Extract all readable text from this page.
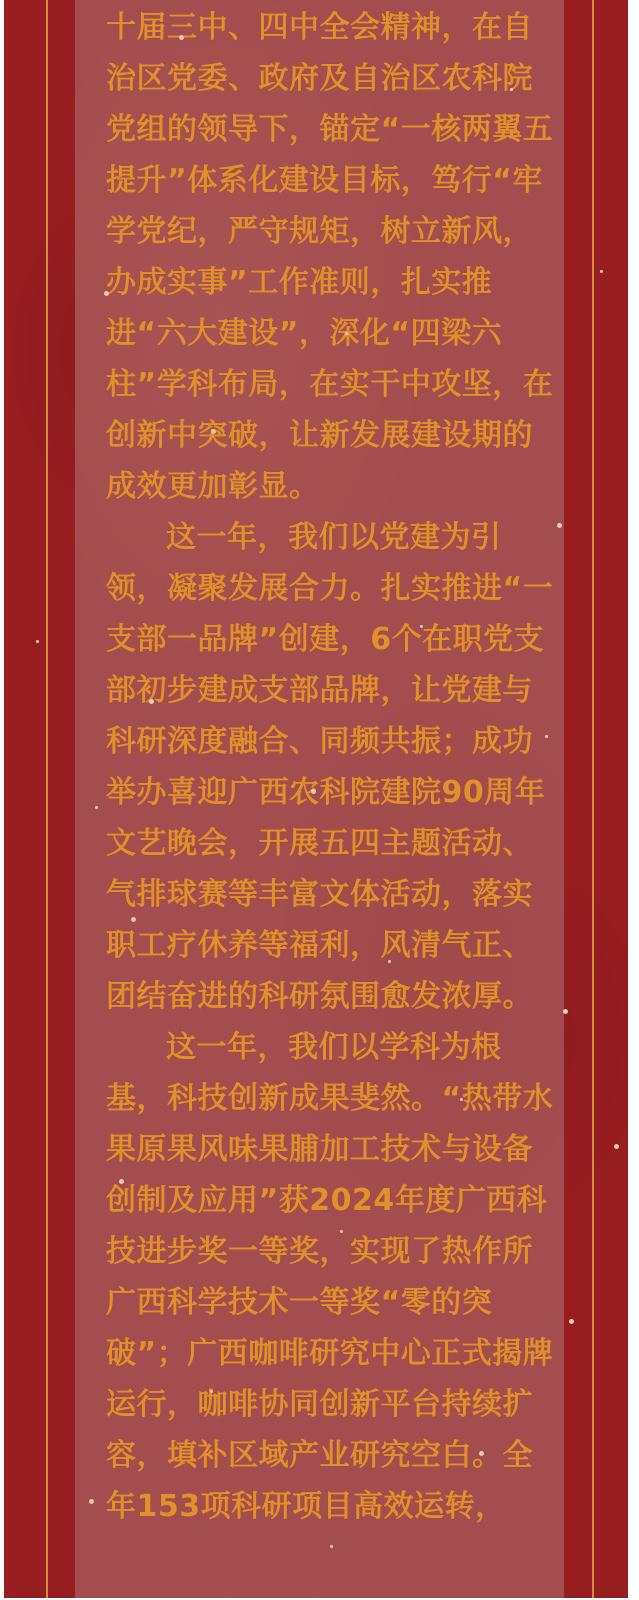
十届三中、四中全会精神，在自治区党委、政府及自治区农科院党组的领导下，锚定“一核两翼五提升”体系化建设目标，笃行“牢学党纪，严守规矩，树立新风，办成实事”工作准则，扎实推进“六大建设”，深化“四梁六柱”学科布局，在实干中攻坚，在创新中突破，让新发展建设期的成效更加彰显。

这一年，我们以党建为引领，凝聚发展合力。扎实推进“一支部一品牌”创建，6个在职党支部初步建成支部品牌，让党建与科研深度融合、同频共振；成功举办喜迎广西农科院建院90周年文艺晚会，开展五四主题活动、气排球赛等丰富文体活动，落实职工疗休养等福利，风清气正、团结奋进的科研氛围愈发浓厚。

这一年，我们以学科为根基，科技创新成果斐然。“热带水果原果风味果脯加工技术与设备创制及应用”获2024年度广西科技进步奖一等奖，实现了热作所广西科学技术一等奖“零的突破”；广西咖啡研究中心正式揭牌运行，咖啡协同创新平台持续扩容，填补区域产业研究空白。全年153项科研项目高效运转，
